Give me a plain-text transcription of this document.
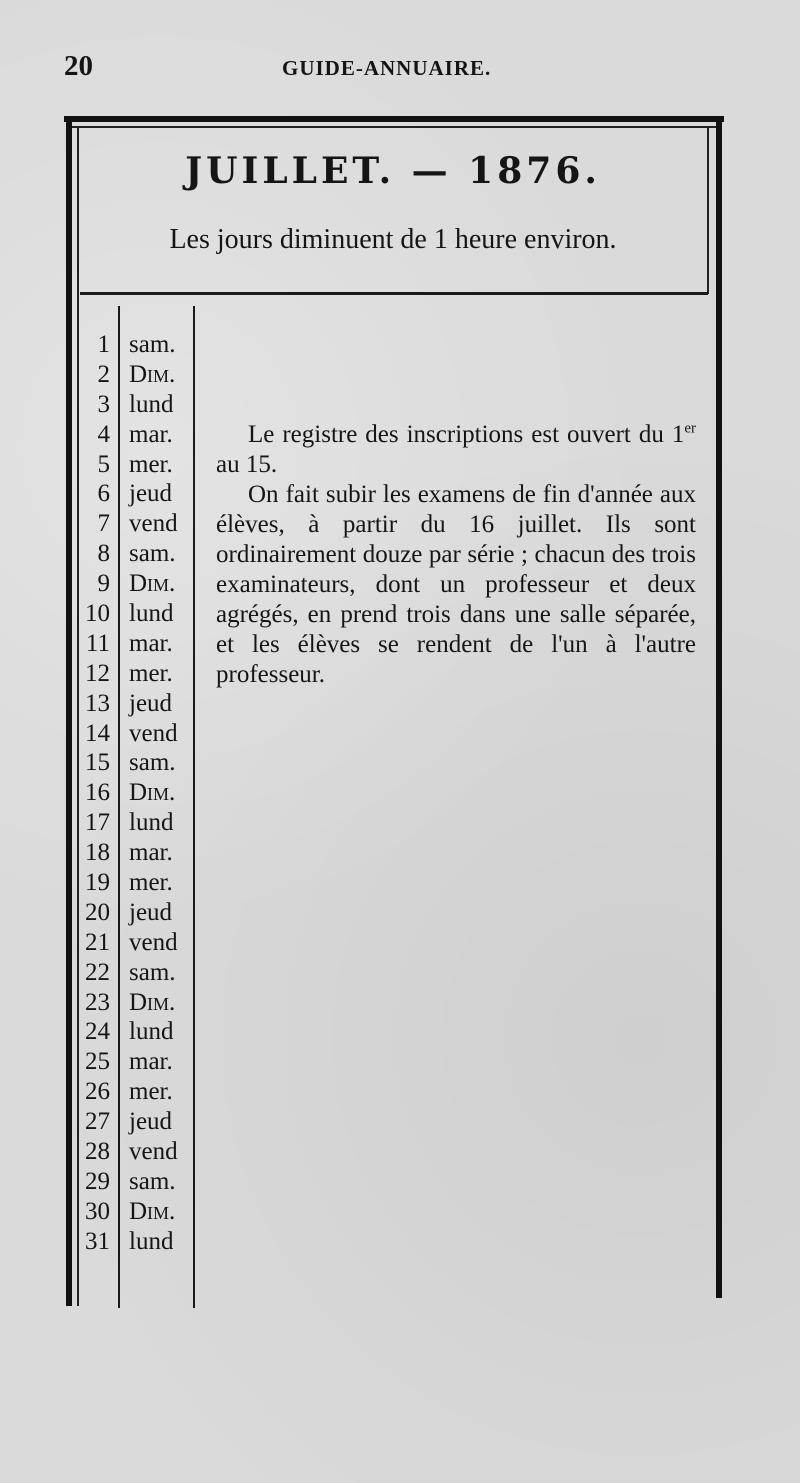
20	GUIDE-ANNUAIRE.
JUILLET. — 1876.
Les jours diminuent de 1 heure environ.
1 sam.
2 Dim.
3 lund
4 mar.
5 mer.
6 jeud
7 vend
8 sam.
9 Dim.
10 lund
11 mar.
12 mer.
13 jeud
14 vend
15 sam.
16 Dim.
17 lund
18 mar.
19 mer.
20 jeud
21 vend
22 sam.
23 Dim.
24 lund
25 mar.
26 mer.
27 jeud
28 vend
29 sam.
30 Dim.
31 lund

Le registre des inscriptions est ouvert du 1er au 15.

On fait subir les examens de fin d'année aux élèves, à partir du 16 juillet. Ils sont ordinairement douze par série ; chacun des trois examinateurs, dont un professeur et deux agrégés, en prend trois dans une salle séparée, et les élèves se rendent de l'un à l'autre professeur.
